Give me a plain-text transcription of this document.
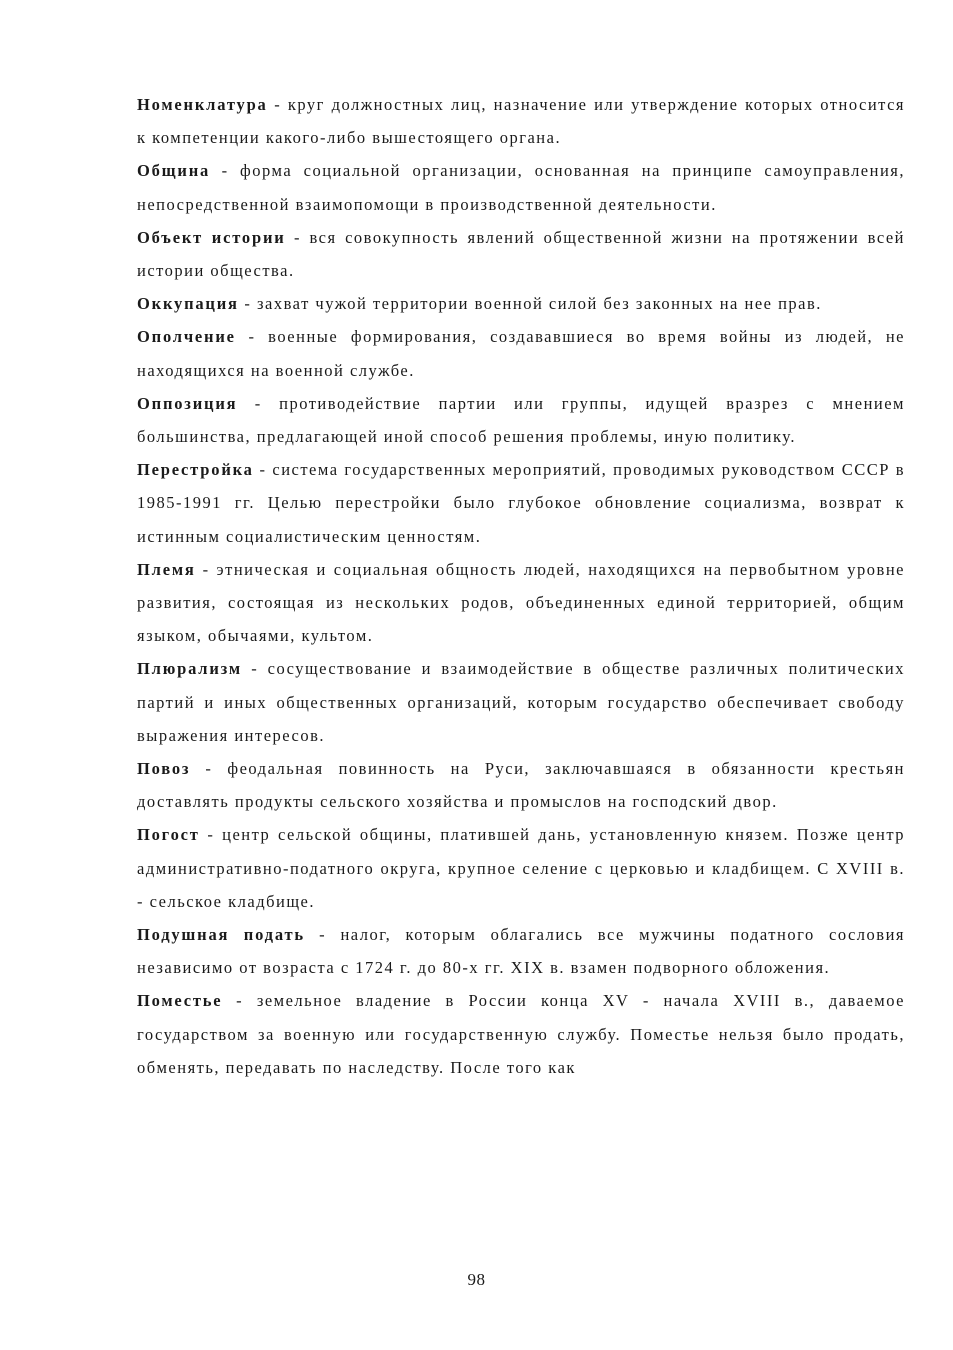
Номенклатура - круг должностных лиц, назначение или утверждение которых относится к компетенции какого-либо вышестоящего органа.

Община - форма социальной организации, основанная на принципе самоуправления, непосредственной взаимопомощи в производственной деятельности.

Объект истории - вся совокупность явлений общественной жизни на протяжении всей истории общества.

Оккупация - захват чужой территории военной силой без законных на нее прав.

Ополчение - военные формирования, создававшиеся во время войны из людей, не находящихся на военной службе.

Оппозиция - противодействие партии или группы, идущей вразрез с мнением большинства, предлагающей иной способ решения проблемы, иную политику.

Перестройка - система государственных мероприятий, проводимых руководством СССР в 1985-1991 гг. Целью перестройки было глубокое обновление социализма, возврат к истинным социалистическим ценностям.

Племя - этническая и социальная общность людей, находящихся на первобытном уровне развития, состоящая из нескольких родов, объединенных единой территорией, общим языком, обычаями, культом.

Плюрализм - сосуществование и взаимодействие в обществе различных политических партий и иных общественных организаций, которым государство обеспечивает свободу выражения интересов.

Повоз - феодальная повинность на Руси, заключавшаяся в обязанности крестьян доставлять продукты сельского хозяйства и промыслов на господский двор.

Погост - центр сельской общины, платившей дань, установленную князем. Позже центр административно-податного округа, крупное селение с церковью и кладбищем. С XVIII в. - сельское кладбище.

Подушная подать - налог, которым облагались все мужчины податного сословия независимо от возраста с 1724 г. до 80-х гг. XIX в. взамен подворного обложения.

Поместье - земельное владение в России конца XV - начала XVIII в., даваемое государством за военную или государственную службу. Поместье нельзя было продать, обменять, передавать по наследству. После того как

98
